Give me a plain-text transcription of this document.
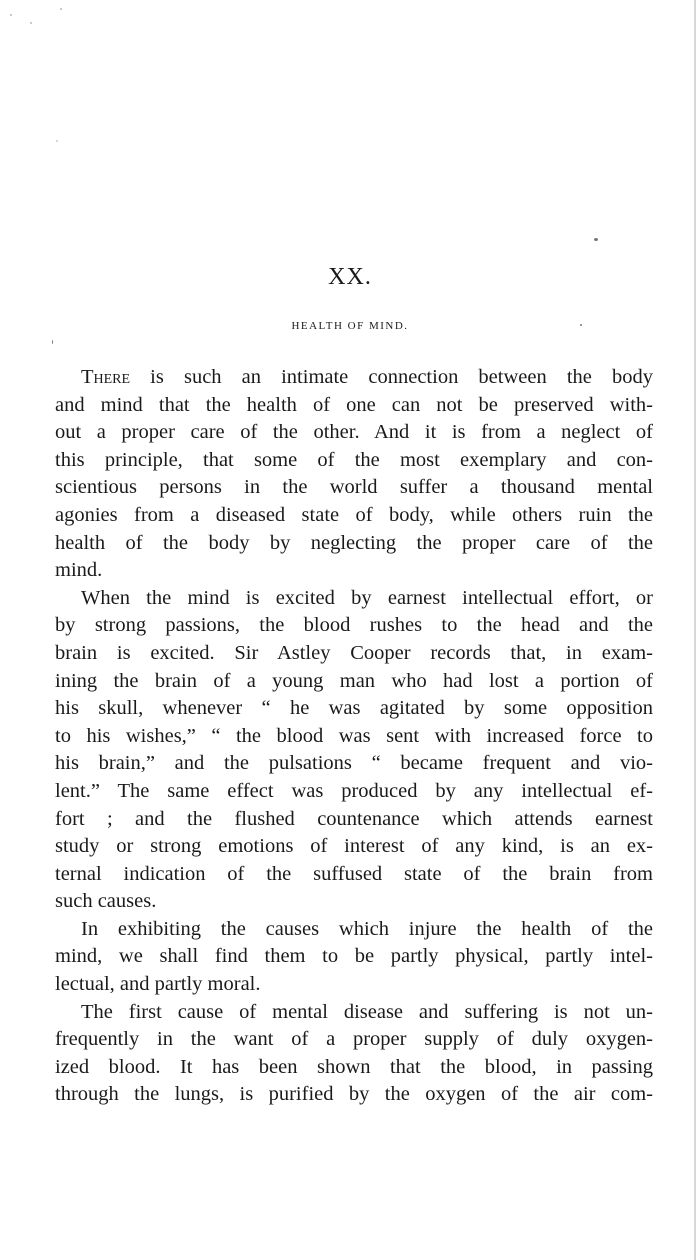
XX.
HEALTH OF MIND.
There is such an intimate connection between the body
and mind that the health of one can not be preserved with-
out a proper care of the other. And it is from a neglect of
this principle, that some of the most exemplary and con-
scientious persons in the world suffer a thousand mental
agonies from a diseased state of body, while others ruin the
health of the body by neglecting the proper care of the
mind.
When the mind is excited by earnest intellectual effort, or
by strong passions, the blood rushes to the head and the
brain is excited. Sir Astley Cooper records that, in exam-
ining the brain of a young man who had lost a portion of
his skull, whenever “ he was agitated by some opposition
to his wishes,” “ the blood was sent with increased force to
his brain,” and the pulsations “ became frequent and vio-
lent.” The same effect was produced by any intellectual ef-
fort ; and the flushed countenance which attends earnest
study or strong emotions of interest of any kind, is an ex-
ternal indication of the suffused state of the brain from
such causes.
In exhibiting the causes which injure the health of the
mind, we shall find them to be partly physical, partly intel-
lectual, and partly moral.
The first cause of mental disease and suffering is not un-
frequently in the want of a proper supply of duly oxygen-
ized blood. It has been shown that the blood, in passing
through the lungs, is purified by the oxygen of the air com-
